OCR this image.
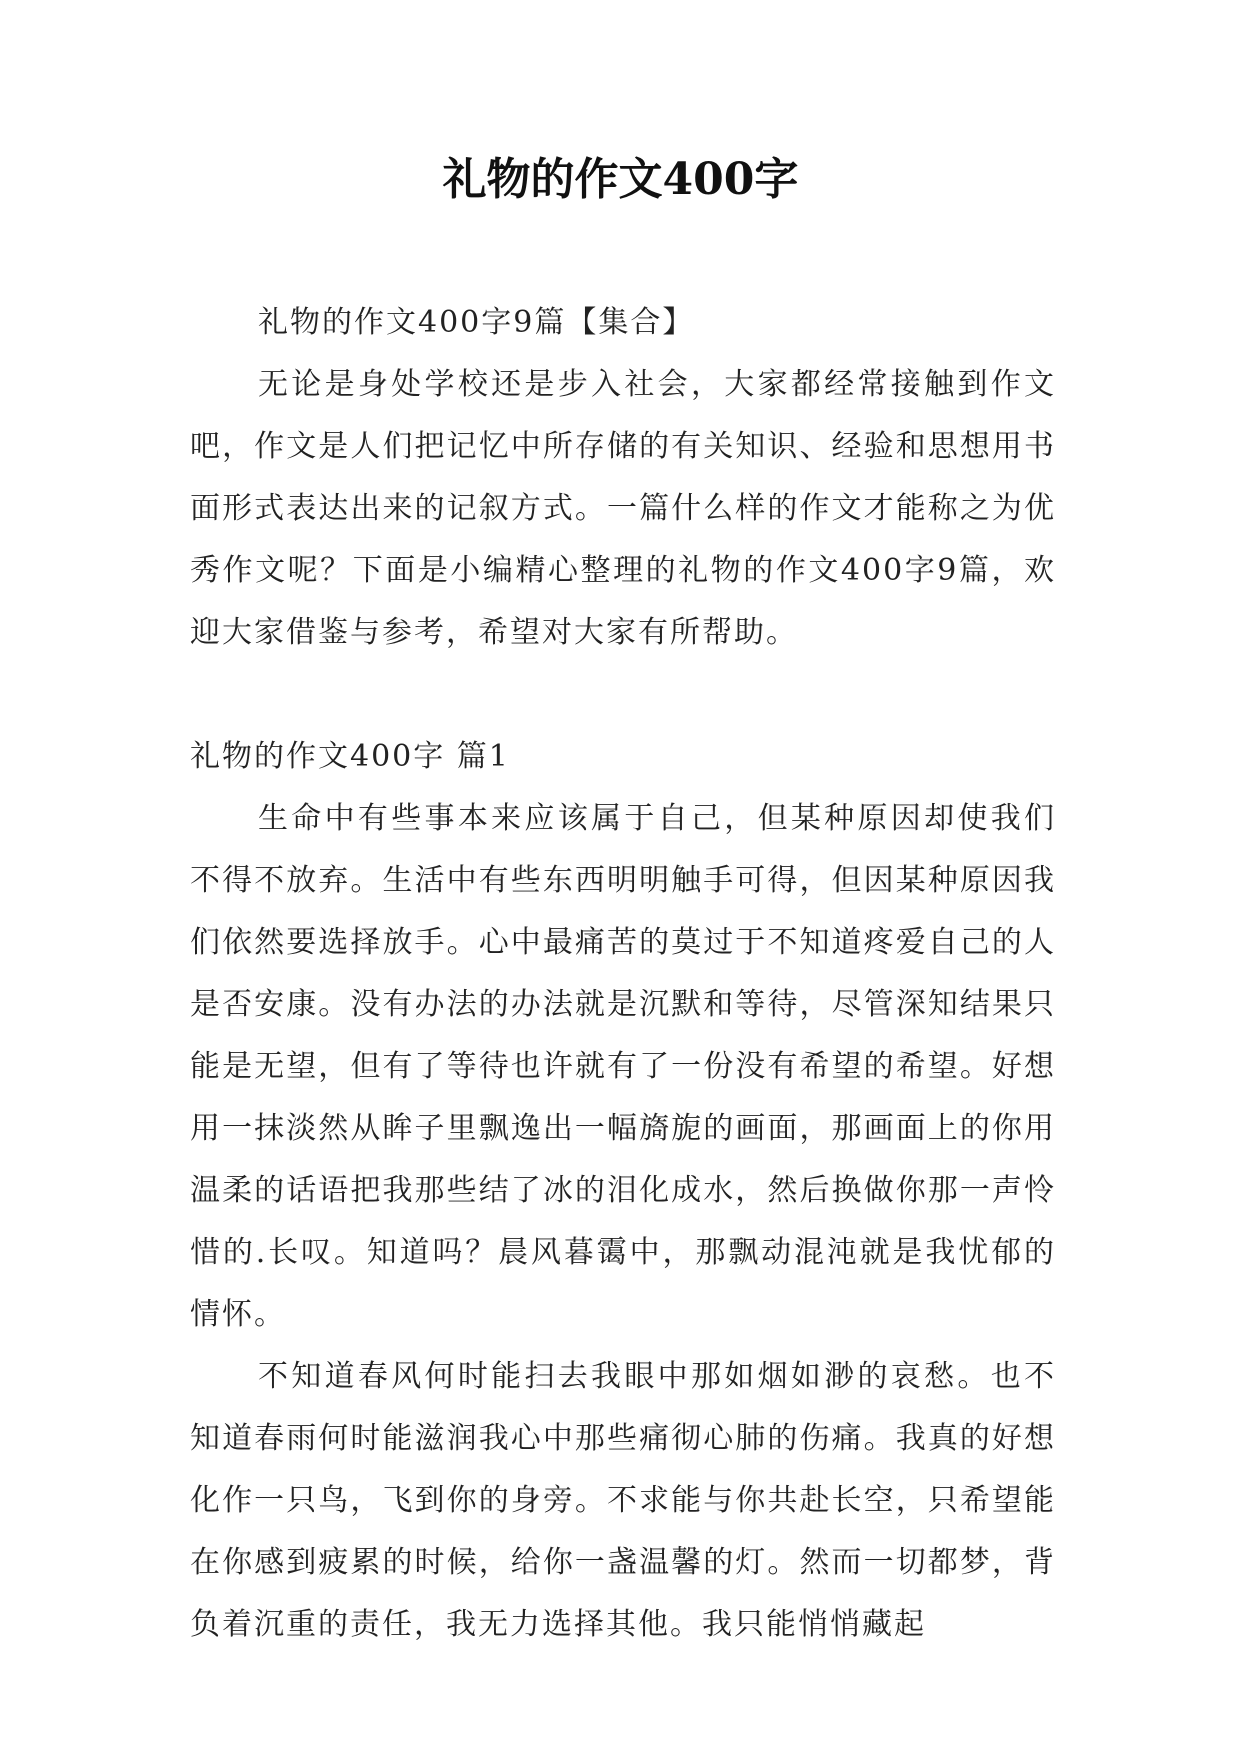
礼物的作文400字

礼物的作文400字9篇【集合】

无论是身处学校还是步入社会，大家都经常接触到作文吧，作文是人们把记忆中所存储的有关知识、经验和思想用书面形式表达出来的记叙方式。一篇什么样的作文才能称之为优秀作文呢？下面是小编精心整理的礼物的作文400字9篇，欢迎大家借鉴与参考，希望对大家有所帮助。

礼物的作文400字 篇1

生命中有些事本来应该属于自己，但某种原因却使我们不得不放弃。生活中有些东西明明触手可得，但因某种原因我们依然要选择放手。心中最痛苦的莫过于不知道疼爱自己的人是否安康。没有办法的办法就是沉默和等待，尽管深知结果只能是无望，但有了等待也许就有了一份没有希望的希望。好想用一抹淡然从眸子里飘逸出一幅旖旎的画面，那画面上的你用温柔的话语把我那些结了冰的泪化成水，然后换做你那一声怜惜的.长叹。知道吗？晨风暮霭中，那飘动混沌就是我忧郁的情怀。

不知道春风何时能扫去我眼中那如烟如渺的哀愁。也不知道春雨何时能滋润我心中那些痛彻心肺的伤痛。我真的好想化作一只鸟，飞到你的身旁。不求能与你共赴长空，只希望能在你感到疲累的时候，给你一盏温馨的灯。然而一切都梦，背负着沉重的责任，我无力选择其他。我只能悄悄藏起
